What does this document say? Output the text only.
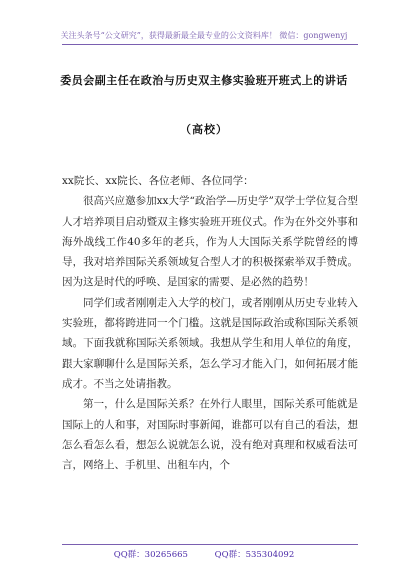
关注头条号“公文研究”，获得最新最全最专业的公文资料库！ 微信：gongwenyj
委员会副主任在政治与历史双主修实验班开班式上的讲话
（高校）

xx院长、xx院长、各位老师、各位同学：

很高兴应邀参加xx大学“政治学—历史学”双学士学位复合型人才培养项目启动暨双主修实验班开班仪式。作为在外交外事和海外战线工作40多年的老兵，作为人大国际关系学院曾经的博导，我对培养国际关系领域复合型人才的积极探索举双手赞成。因为这是时代的呼唤、是国家的需要、是必然的趋势！

同学们或者刚刚走入大学的校门，或者刚刚从历史专业转入实验班，都将跨进同一个门槛。这就是国际政治或称国际关系领域。下面我就称国际关系领域。我想从学生和用人单位的角度，跟大家聊聊什么是国际关系，怎么学习才能入门，如何拓展才能成才。不当之处请指教。

第一，什么是国际关系？在外行人眼里，国际关系可能就是国际上的人和事，对国际时事新闻，谁都可以有自己的看法，想怎么看怎么看，想怎么说就怎么说，没有绝对真理和权威看法可言，网络上、手机里、出租车内，个

QQ群：30265665	QQ群：535304092
